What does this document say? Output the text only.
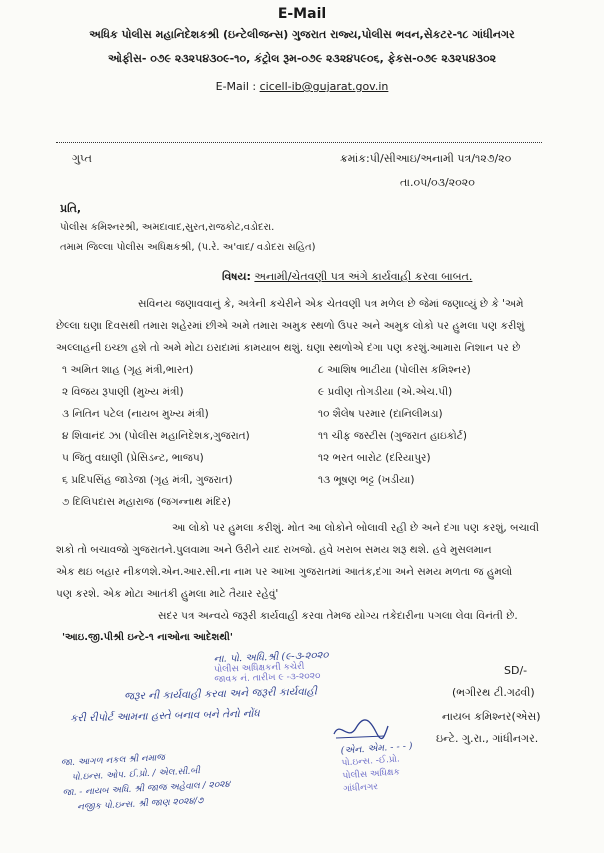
E-Mail
અધિક પોલીસ મહાનિદેશકશ્રી (ઇન્ટેલીજન્સ) ગુજરાત રાજ્ય,પોલીસ ભવન,સેકટર-૧૮ ગાંધીનગર
ઓફીસ- ૦૭૯ ૨૩૨૫૪૩૦૯-૧૦, કંટ્રોલ રૂમ-૦૭૯ ૨૩૨૪૫૯૦૬, ફેકસ-૦૭૯ ૨૩૨૫૪૩૦૨
E-Mail : cicell-ib@gujarat.gov.in
ગુપ્ત	ક્રમાંક:પી/સીઆઇ/અનામી પત્ર/૧૨૭/૨૦
તા.૦૫/૦૩/૨૦૨૦
પ્રતિ,
પોલીસ કમિશ્નરશ્રી, અમદાવાદ,સુરત,રાજકોટ,વડોદરા.
તમામ જિલ્લા પોલીસ અધિક્ષકશ્રી, (પ.રે. અ'વાદ/ વડોદરા સહિત)
વિષય: અનામી/ચેતવણી પત્ર અંગે કાર્યવાહી કરવા બાબત.
સવિનય જણાવવાનું કે, અત્રેની કચેરીને એક ચેતવણી પત્ર મળેલ છે જેમાં જણાવ્યું છે કે 'અમે
છેલ્લા ઘણા દિવસથી તમારા શહેરમાં છીએ અમે તમારા અમુક સ્થળો ઉપર અને અમુક લોકો પર હુમલા પણ કરીશું
અલ્લાહની ઇચ્છા હશે તો અમે મોટા ઇરાદામાં કામયાબ થશું. ઘણા સ્થળોએ દંગા પણ કરશું.આમારા નિશાન પર છે
૧ અમિત શાહ (ગૃહ મંત્રી,ભારત)
૨ વિજય રૂપાણી (મુખ્ય મંત્રી)
૩ નિતિન પટેલ (નાયબ મુખ્ય મંત્રી)
૪ શિવાનંદ ઝા (પોલીસ મહાનિદેશક,ગુજરાત)
૫ જિતુ વઘાણી (પ્રેસિડન્ટ, ભાજપ)
૬ પ્રદિપસિંહ જાડેજા (ગૃહ મંત્રી, ગુજરાત)
૭ દિલિપદાસ મહારાજ (જગન્નાથ મંદિર)
૮ આશિષ ભાટીયા (પોલીસ કમિશ્નર)
૯ પ્રવીણ તોગડીયા (એ.એચ.પી)
૧૦ શૈલેષ પરમાર (દાનિલીમડા)
૧૧ ચીફ જસ્ટીસ (ગુજરાત હાઇકોર્ટ)
૧૨ ભરત બારોટ (દરિયાપુર)
૧૩ ભૂષણ ભટ્ટ (ખડીયા)
આ લોકો પર હુમલા કરીશું. મોત આ લોકોને બોલાવી રહી છે અને દંગા પણ કરશું, બચાવી
શકો તો બચાવજો ગુજરાતને.પુલવામા અને ઉરીને યાદ રાખજો. હવે ખરાબ સમય શરૂ થશે. હવે મુસલમાન
એક થઇ બહાર નીકળશે.એન.આર.સી.ના નામ પર આખા ગુજરાતમાં આતંક,દંગા અને સમય મળતા જ હુમલો
પણ કરશે. એક મોટા આતંકી હુમલા માટે તૈયાર રહેવું'
સદર પત્ર અન્વયે જરૂરી કાર્યવાહી કરવા તેમજ યોગ્ય તકેદારીના પગલા લેવા વિનંતી છે.
'આઇ.જી.પીશ્રી ઇન્ટે-૧ નાઓના આદેશથી'
ના. પો. અધિ.શ્રી (૯-૩-૨૦૨૦
પોલીસ અધિક્ષકની કચેરી
જાવક નં. તારીખ ૯ -૩-૨૦૨૦
SD/-
(ભગીરથ ટી.ગઢવી)
નાયબ કમિશ્નર(એસ)
ઇન્ટે. ગુ.રા., ગાંધીનગર.
જરૂર ની કાર્યવાહી કરવા અને જરૂરી કાર્યવાહી
કરી રીપોર્ટ આમના હસ્તે બનાવ બને તેનો નોંધ
(એન. એમ. - - - )
પો.ઇન્સ. -ઈ.પ્રો.
પોલીસ અધિક્ષક
ગાંધીનગર
જા. આગળ નકલ શ્રી નમાજ
પો.ઇન્સ. ઓપ. ઈ.પ્રો. / એલ.સી.બી
જા. - નાયબ અધિ. શ્રી જાજ અહેવાલ / ૨૦૨૪
નજીક પો.ઇન્સ. શ્રી જાણ ૨૦૨૪/૭
